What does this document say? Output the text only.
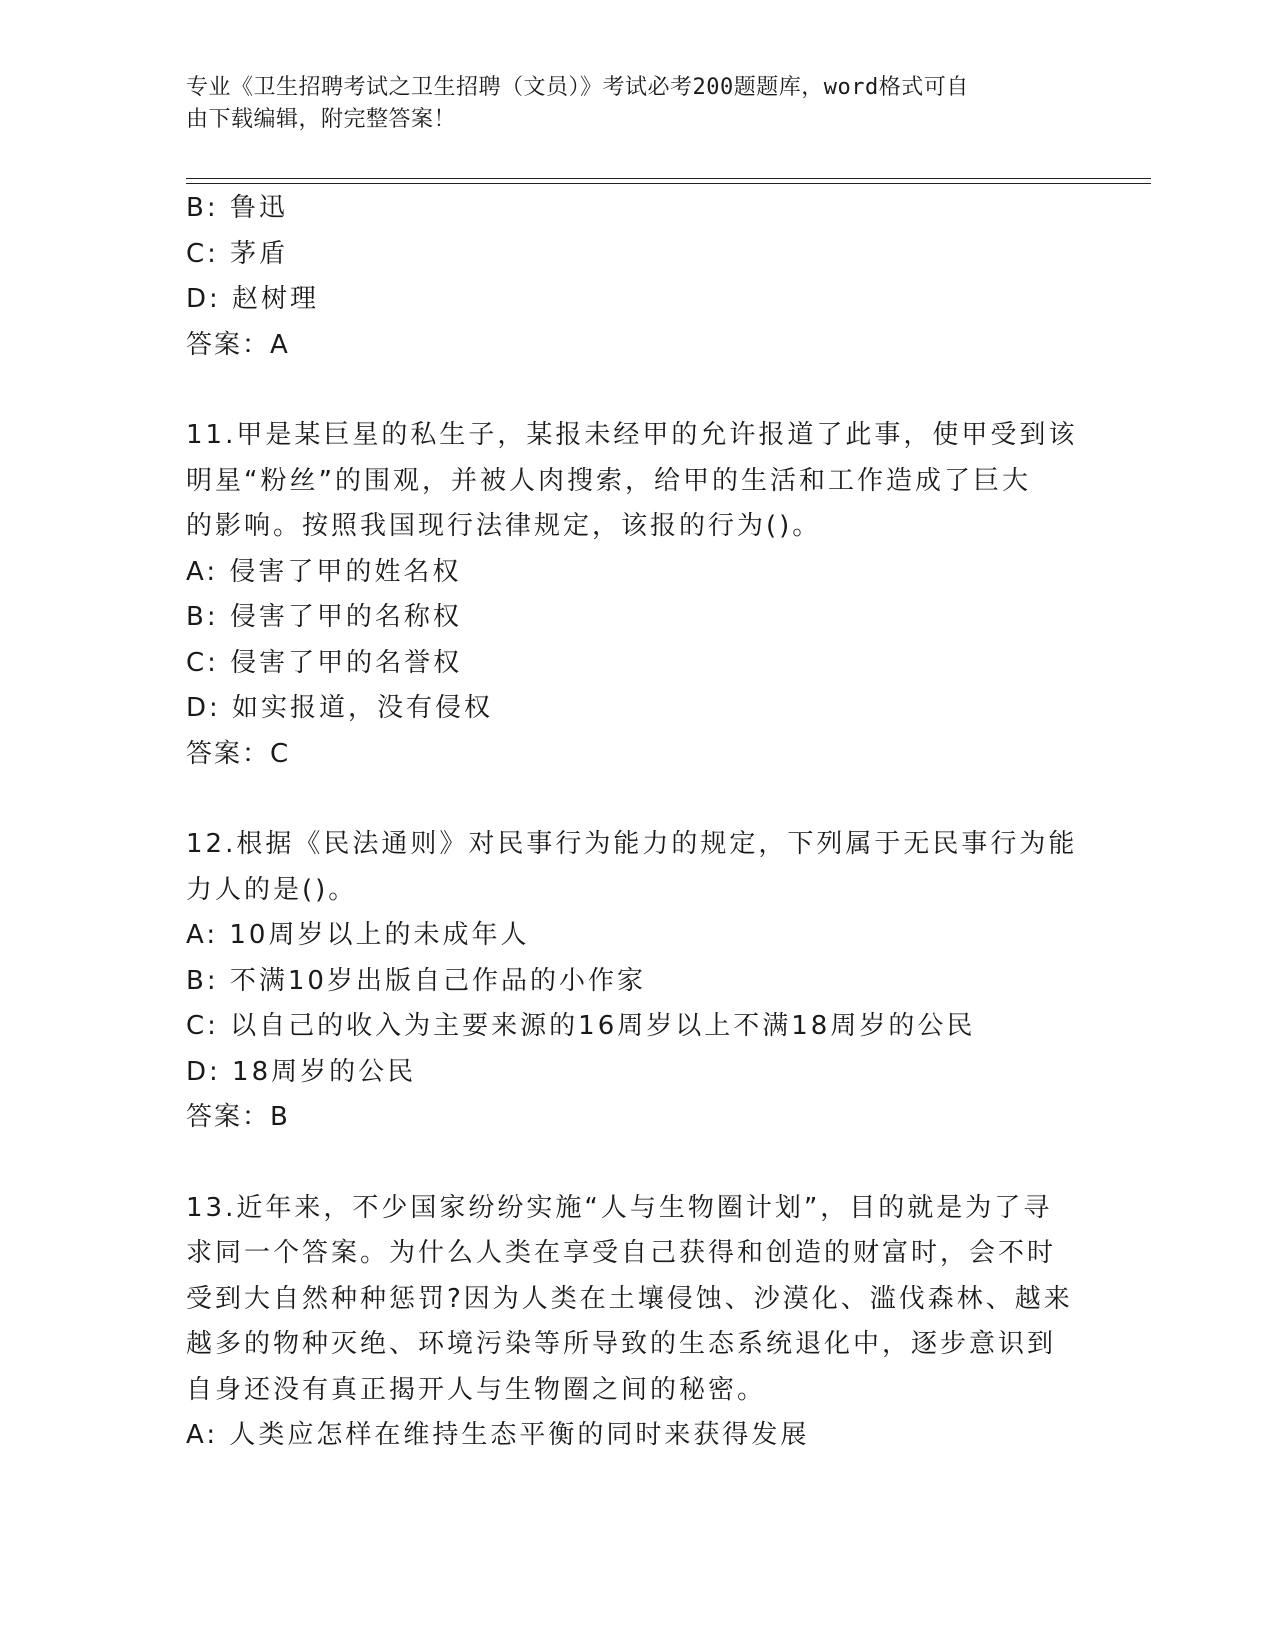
专业《卫生招聘考试之卫生招聘（文员）》考试必考200题题库，word格式可自
由下载编辑，附完整答案！
B: 鲁迅
C: 茅盾
D: 赵树理
答案：A
11.甲是某巨星的私生子，某报未经甲的允许报道了此事，使甲受到该
明星“粉丝”的围观，并被人肉搜索，给甲的生活和工作造成了巨大
的影响。按照我国现行法律规定，该报的行为()。
A: 侵害了甲的姓名权
B: 侵害了甲的名称权
C: 侵害了甲的名誉权
D: 如实报道，没有侵权
答案：C
12.根据《民法通则》对民事行为能力的规定，下列属于无民事行为能
力人的是()。
A: 10周岁以上的未成年人
B: 不满10岁出版自己作品的小作家
C: 以自己的收入为主要来源的16周岁以上不满18周岁的公民
D: 18周岁的公民
答案：B
13.近年来，不少国家纷纷实施“人与生物圈计划”，目的就是为了寻
求同一个答案。为什么人类在享受自己获得和创造的财富时，会不时
受到大自然种种惩罚?因为人类在土壤侵蚀、沙漠化、滥伐森林、越来
越多的物种灭绝、环境污染等所导致的生态系统退化中，逐步意识到
自身还没有真正揭开人与生物圈之间的秘密。
A: 人类应怎样在维持生态平衡的同时来获得发展
